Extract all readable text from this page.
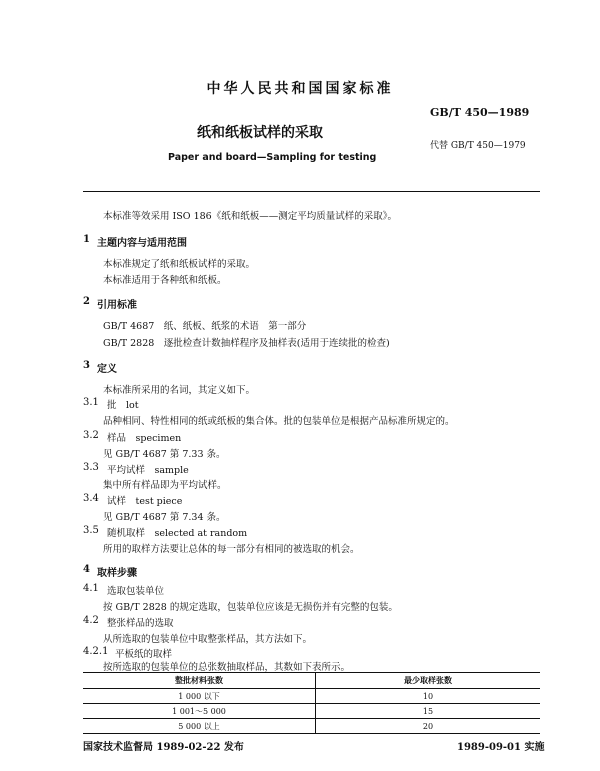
中华人民共和国国家标准
GB/T 450—1989
纸和纸板试样的采取
代替 GB/T 450—1979
Paper and board—Sampling for testing
本标准等效采用 ISO 186《纸和纸板——测定平均质量试样的采取》。
1 主题内容与适用范围
本标准规定了纸和纸板试样的采取。
本标准适用于各种纸和纸板。
2 引用标准
GB/T 4687　纸、纸板、纸浆的术语　第一部分
GB/T 2828　逐批检查计数抽样程序及抽样表(适用于连续批的检查)
3 定义
本标准所采用的名词，其定义如下。
3.1 批　lot
品种相同、特性相同的纸或纸板的集合体。批的包装单位是根据产品标准所规定的。
3.2 样品　specimen
见 GB/T 4687 第 7.33 条。
3.3 平均试样　sample
集中所有样品即为平均试样。
3.4 试样　test piece
见 GB/T 4687 第 7.34 条。
3.5 随机取样　selected at random
所用的取样方法要让总体的每一部分有相同的被选取的机会。
4 取样步骤
4.1 选取包装单位
按 GB/T 2828 的规定选取，包装单位应该是无损伤并有完整的包装。
4.2 整张样品的选取
从所选取的包装单位中取整张样品，其方法如下。
4.2.1 平板纸的取样
按所选取的包装单位的总张数抽取样品，其数如下表所示。
整批材料张数	最少取样张数
1 000 以下	10
1 001～5 000	15
5 000 以上	20
国家技术监督局 1989-02-22 发布	1989-09-01 实施
